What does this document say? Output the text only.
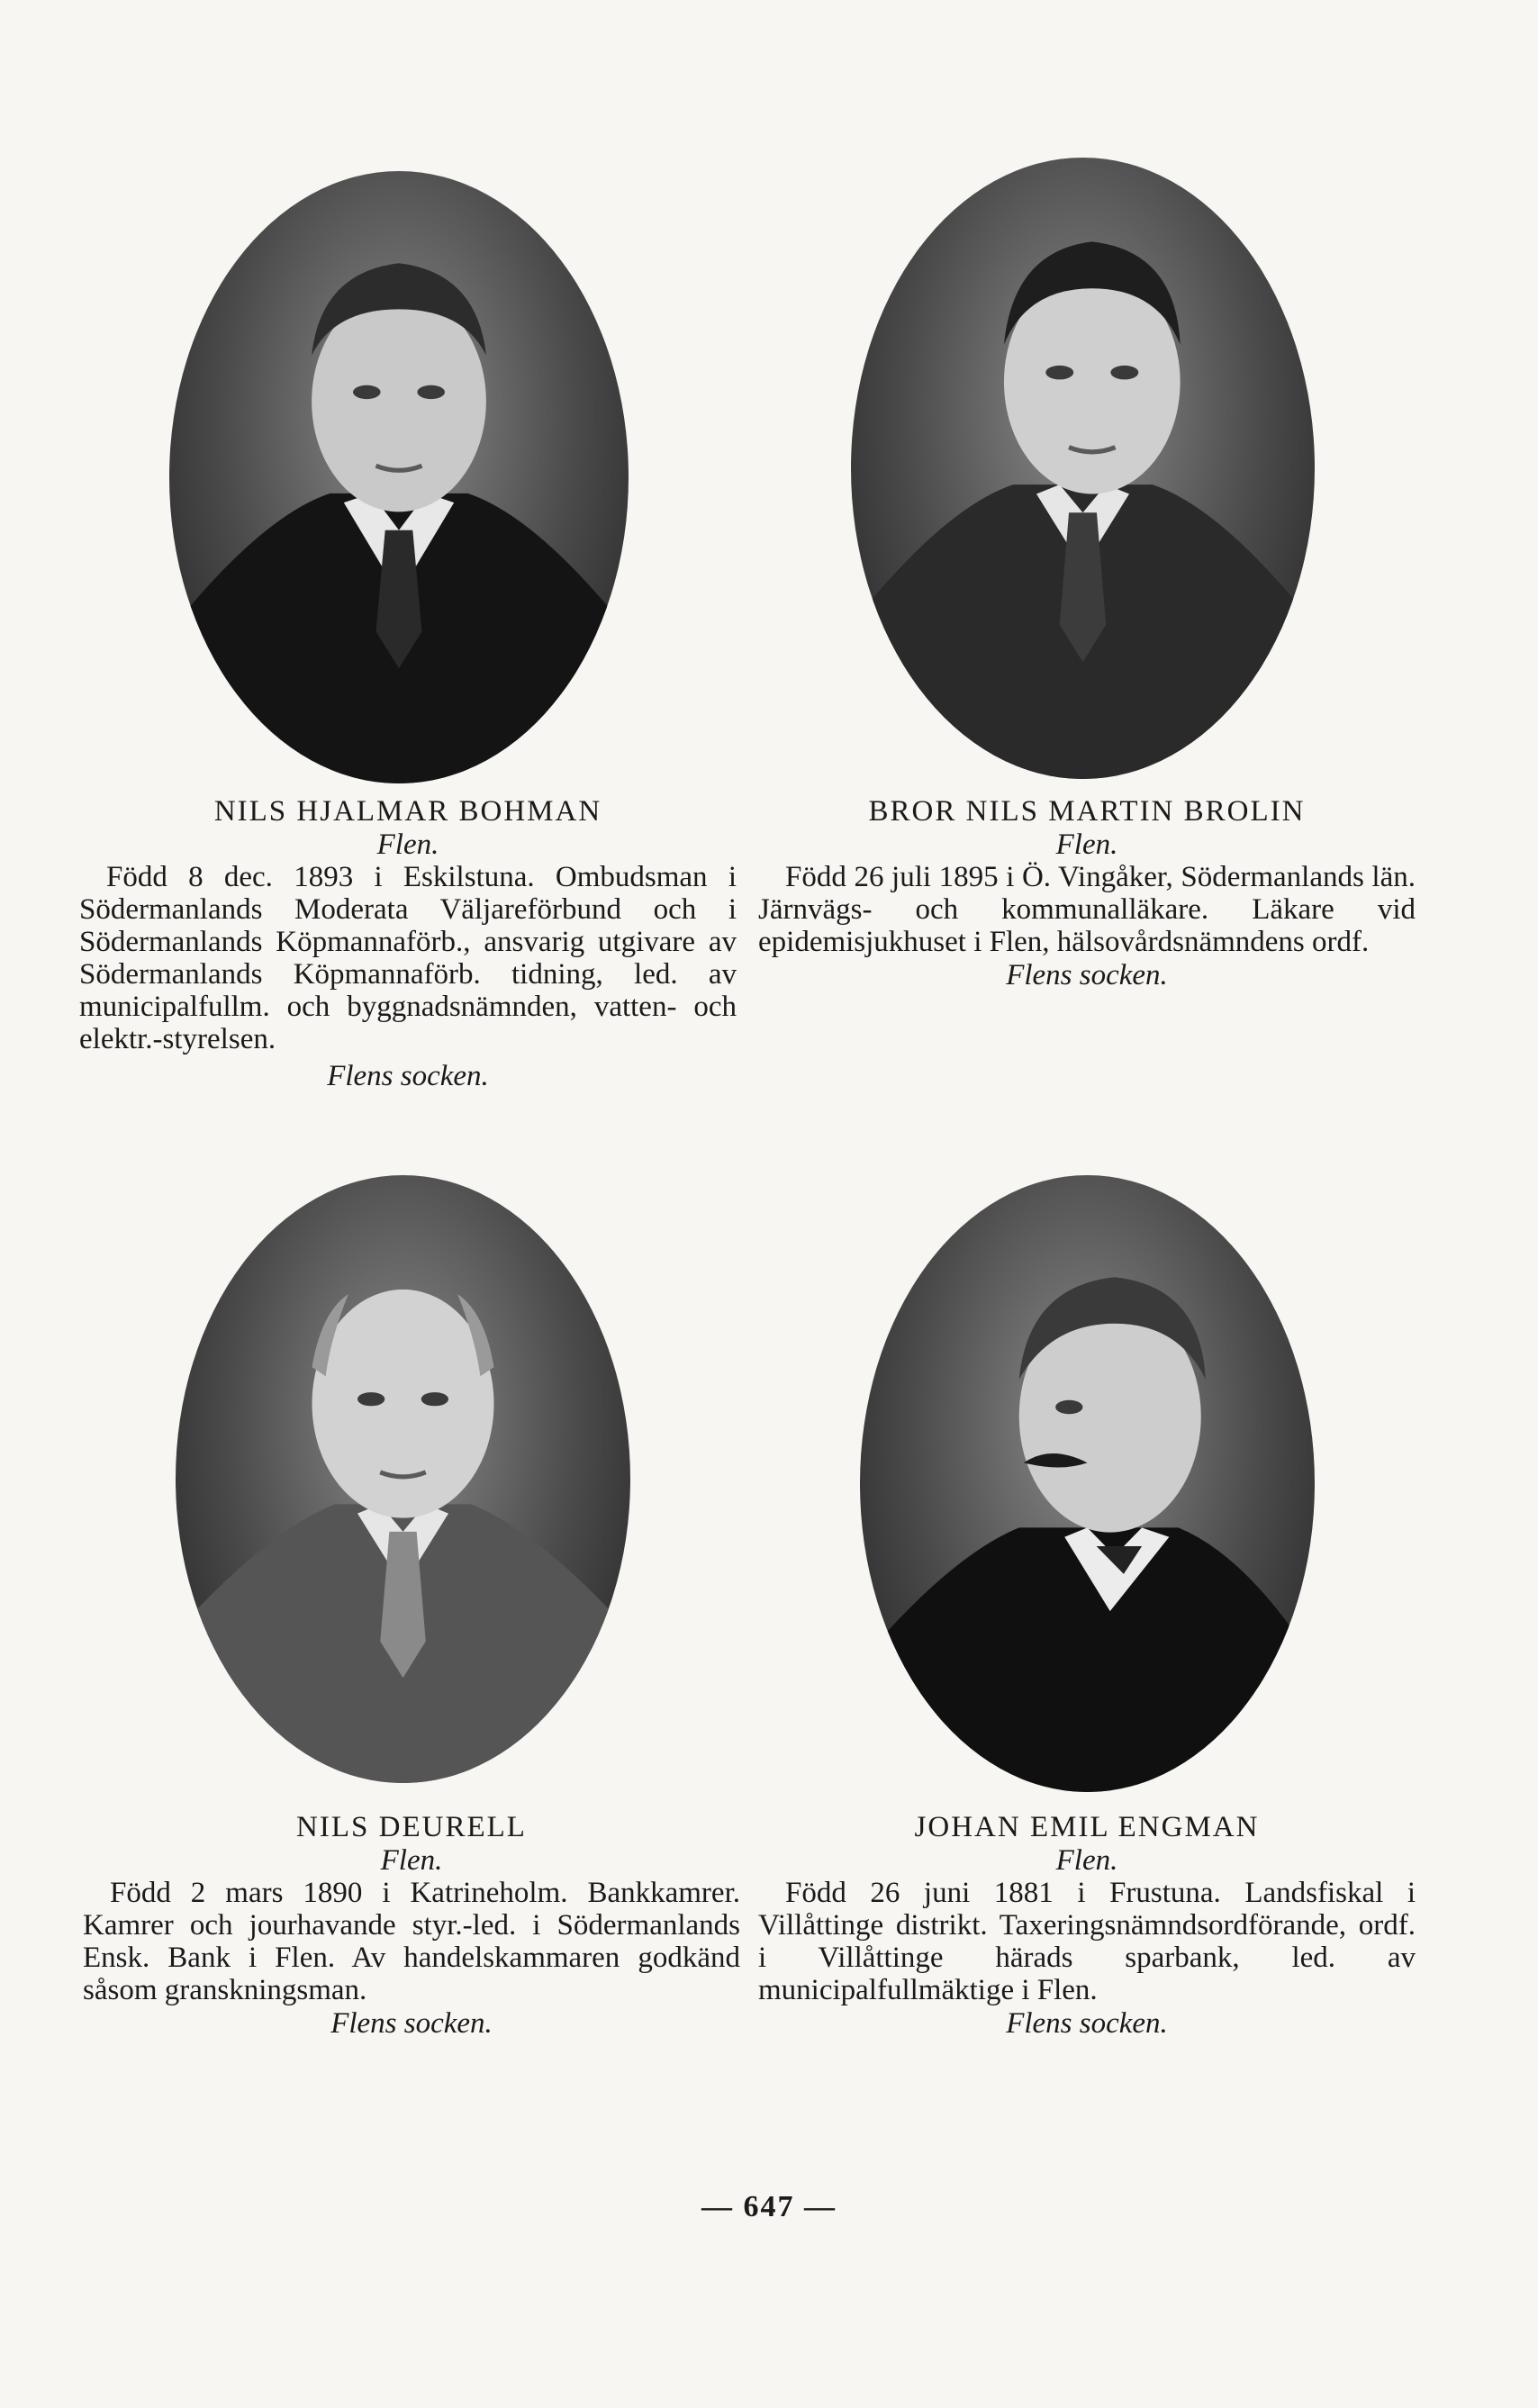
NILS HJALMAR BOHMAN
Flen.
Född 8 dec. 1893 i Eskilstuna. Ombudsman i Södermanlands Moderata Väljareförbund och i Södermanlands Köpmannaförb., ansvarig utgivare av Södermanlands Köpmannaförb. tidning, led. av municipalfullm. och byggnadsnämnden, vatten- och elektr.-styrelsen.
Flens socken.
BROR NILS MARTIN BROLIN
Flen.
Född 26 juli 1895 i Ö. Vingåker, Södermanlands län. Järnvägs- och kommunalläkare. Läkare vid epidemisjukhuset i Flen, hälsovårdsnämndens ordf.
Flens socken.
NILS DEURELL
Flen.
Född 2 mars 1890 i Katrineholm. Bankkamrer. Kamrer och jourhavande styr.-led. i Södermanlands Ensk. Bank i Flen. Av handelskammaren godkänd såsom granskningsman.
Flens socken.
JOHAN EMIL ENGMAN
Flen.
Född 26 juni 1881 i Frustuna. Landsfiskal i Villåttinge distrikt. Taxeringsnämndsordförande, ordf. i Villåttinge härads sparbank, led. av municipalfullmäktige i Flen.
Flens socken.
— 647 —
